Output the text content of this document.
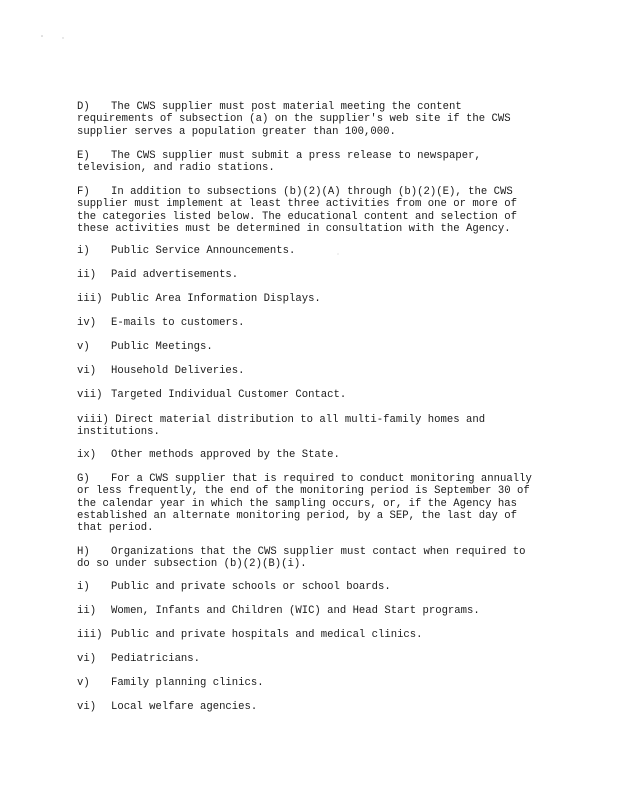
D) The CWS supplier must post material meeting the content requirements of subsection (a) on the supplier's web site if the CWS supplier serves a population greater than 100,000.

E) The CWS supplier must submit a press release to newspaper, television, and radio stations.

F) In addition to subsections (b)(2)(A) through (b)(2)(E), the CWS supplier must implement at least three activities from one or more of the categories listed below. The educational content and selection of these activities must be determined in consultation with the Agency.

i) Public Service Announcements.

ii) Paid advertisements.

iii) Public Area Information Displays.

iv) E-mails to customers.

v) Public Meetings.

vi) Household Deliveries.

vii) Targeted Individual Customer Contact.

viii) Direct material distribution to all multi-family homes and institutions.

ix) Other methods approved by the State.

G) For a CWS supplier that is required to conduct monitoring annually or less frequently, the end of the monitoring period is September 30 of the calendar year in which the sampling occurs, or, if the Agency has established an alternate monitoring period, by a SEP, the last day of that period.

H) Organizations that the CWS supplier must contact when required to do so under subsection (b)(2)(B)(i).

i) Public and private schools or school boards.

ii) Women, Infants and Children (WIC) and Head Start programs.

iii) Public and private hospitals and medical clinics.

vi) Pediatricians.

v) Family planning clinics.

vi) Local welfare agencies.
